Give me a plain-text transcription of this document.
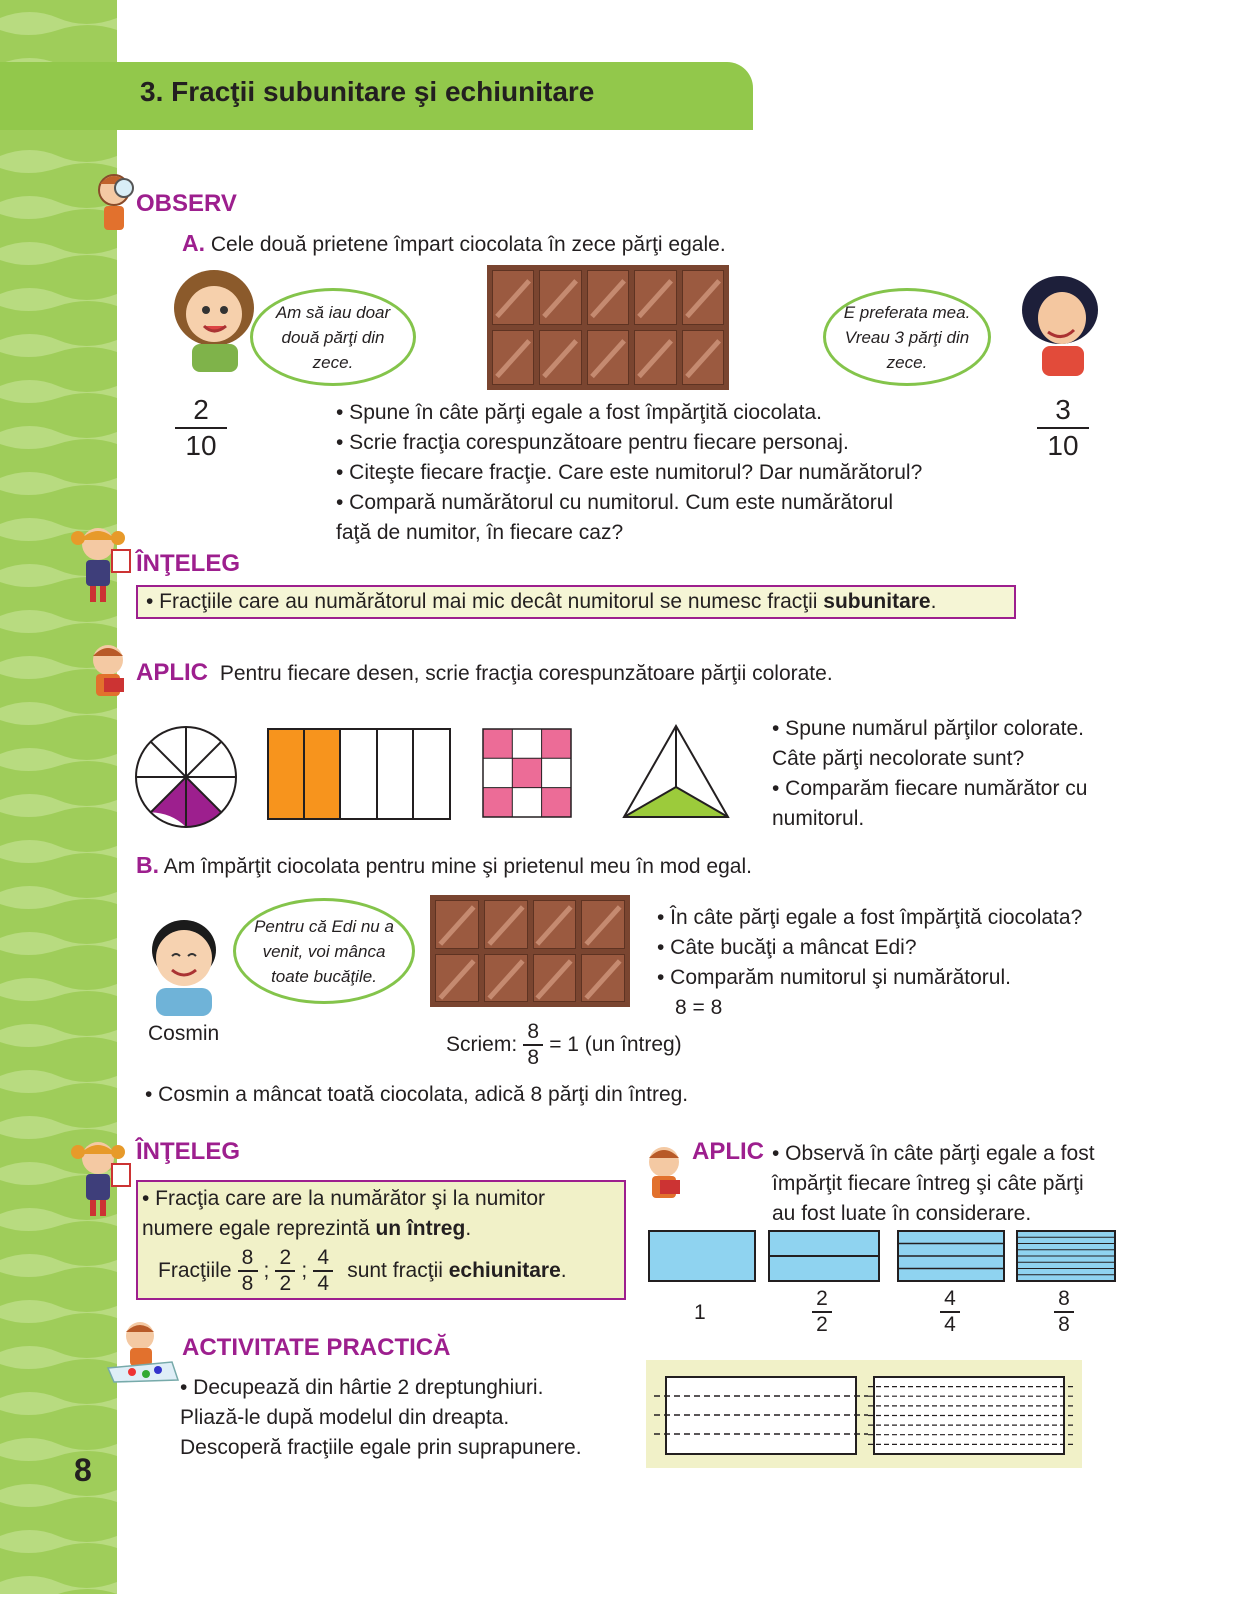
3. Fracţii subunitare şi echiunitare
OBSERV
A. Cele două prietene împart ciocolata în zece părţi egale.
Am să iau doar două părţi din zece.
E preferata mea. Vreau 3 părţi din zece.
2
10
3
10
• Spune în câte părţi egale a fost împărţită ciocolata.
• Scrie fracţia corespunzătoare pentru fiecare personaj.
• Citeşte fiecare fracţie. Care este numitorul? Dar numărătorul?
• Compară numărătorul cu numitorul. Cum este numărătorul
faţă de numitor, în fiecare caz?
ÎNŢELEG
• Fracţiile care au numărătorul mai mic decât numitorul se numesc fracţii subunitare.
APLIC Pentru fiecare desen, scrie fracţia corespunzătoare părţii colorate.
• Spune numărul părţilor colorate.
Câte părţi necolorate sunt?
• Comparăm fiecare numărător cu
numitorul.
B. Am împărţit ciocolata pentru mine şi prietenul meu în mod egal.
Pentru că Edi nu a venit, voi mânca toate bucăţile.
Cosmin
• În câte părţi egale a fost împărţită ciocolata?
• Câte bucăţi a mâncat Edi?
• Comparăm numitorul şi numărătorul.
8 = 8
Scriem: $\frac{8}{8} = 1$ (un întreg)
• Cosmin a mâncat toată ciocolata, adică 8 părţi din întreg.
ÎNŢELEG
• Fracţia care are la numărător şi la numitor
numere egale reprezintă un întreg.
Fracţiile $\frac{8}{8}$ ; $\frac{2}{2}$ ; $\frac{4}{4}$ sunt fracţii echiunitare.
APLIC • Observă în câte părţi egale a fost
împărţit fiecare întreg şi câte părţi
au fost luate în considerare.
1
2
2
4
4
8
8
ACTIVITATE PRACTICĂ
• Decupează din hârtie 2 dreptunghiuri.
Pliază-le după modelul din dreapta.
Descoperă fracţiile egale prin suprapunere.
8
